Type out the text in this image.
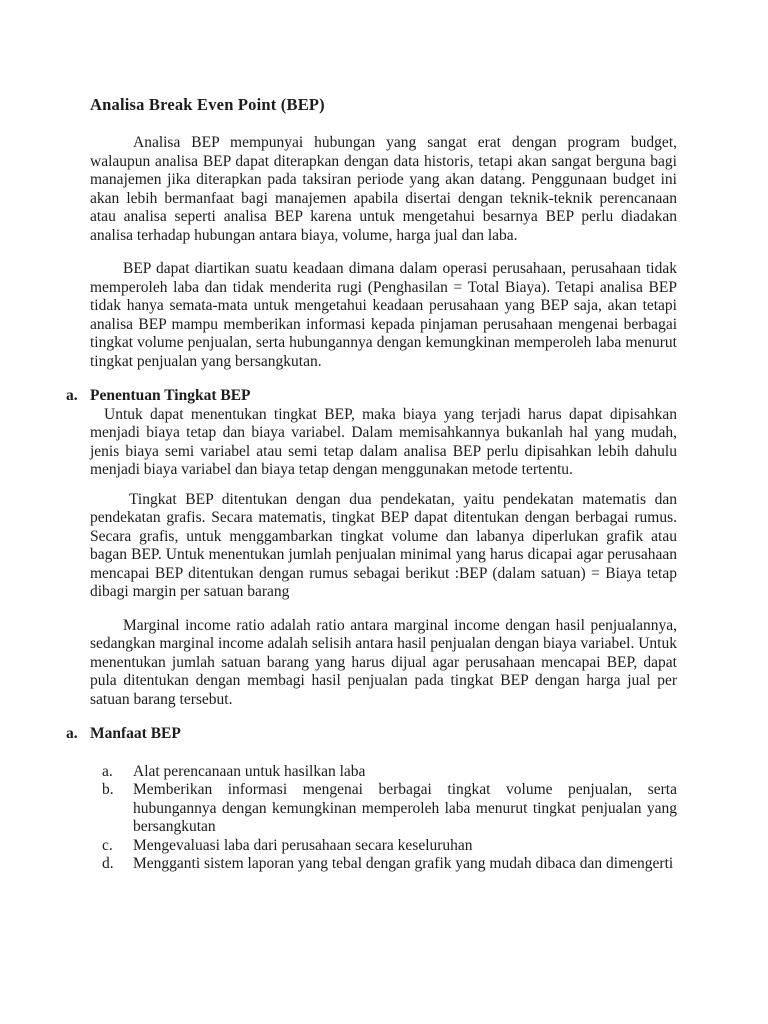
Analisa Break Even Point (BEP)

Analisa BEP mempunyai hubungan yang sangat erat dengan program budget, walaupun analisa BEP dapat diterapkan dengan data historis, tetapi akan sangat berguna bagi manajemen jika diterapkan pada taksiran periode yang akan datang. Penggunaan budget ini akan lebih bermanfaat bagi manajemen apabila disertai dengan teknik-teknik perencanaan atau analisa seperti analisa BEP karena untuk mengetahui besarnya BEP perlu diadakan analisa terhadap hubungan antara biaya, volume, harga jual dan laba.

BEP dapat diartikan suatu keadaan dimana dalam operasi perusahaan, perusahaan tidak memperoleh laba dan tidak menderita rugi (Penghasilan = Total Biaya). Tetapi analisa BEP tidak hanya semata-mata untuk mengetahui keadaan perusahaan yang BEP saja, akan tetapi analisa BEP mampu memberikan informasi kepada pinjaman perusahaan mengenai berbagai tingkat volume penjualan, serta hubungannya dengan kemungkinan memperoleh laba menurut tingkat penjualan yang bersangkutan.

a. Penentuan Tingkat BEP

Untuk dapat menentukan tingkat BEP, maka biaya yang terjadi harus dapat dipisahkan menjadi biaya tetap dan biaya variabel. Dalam memisahkannya bukanlah hal yang mudah, jenis biaya semi variabel atau semi tetap dalam analisa BEP perlu dipisahkan lebih dahulu menjadi biaya variabel dan biaya tetap dengan menggunakan metode tertentu.

Tingkat BEP ditentukan dengan dua pendekatan, yaitu pendekatan matematis dan pendekatan grafis. Secara matematis, tingkat BEP dapat ditentukan dengan berbagai rumus. Secara grafis, untuk menggambarkan tingkat volume dan labanya diperlukan grafik atau bagan BEP. Untuk menentukan jumlah penjualan minimal yang harus dicapai agar perusahaan mencapai BEP ditentukan dengan rumus sebagai berikut :BEP (dalam satuan) = Biaya tetap dibagi margin per satuan barang

Marginal income ratio adalah ratio antara marginal income dengan hasil penjualannya, sedangkan marginal income adalah selisih antara hasil penjualan dengan biaya variabel. Untuk menentukan jumlah satuan barang yang harus dijual agar perusahaan mencapai BEP, dapat pula ditentukan dengan membagi hasil penjualan pada tingkat BEP dengan harga jual per satuan barang tersebut.

a. Manfaat BEP
a. Alat perencanaan untuk hasilkan laba
b. Memberikan informasi mengenai berbagai tingkat volume penjualan, serta hubungannya dengan kemungkinan memperoleh laba menurut tingkat penjualan yang bersangkutan
c. Mengevaluasi laba dari perusahaan secara keseluruhan
d. Mengganti sistem laporan yang tebal dengan grafik yang mudah dibaca dan dimengerti
